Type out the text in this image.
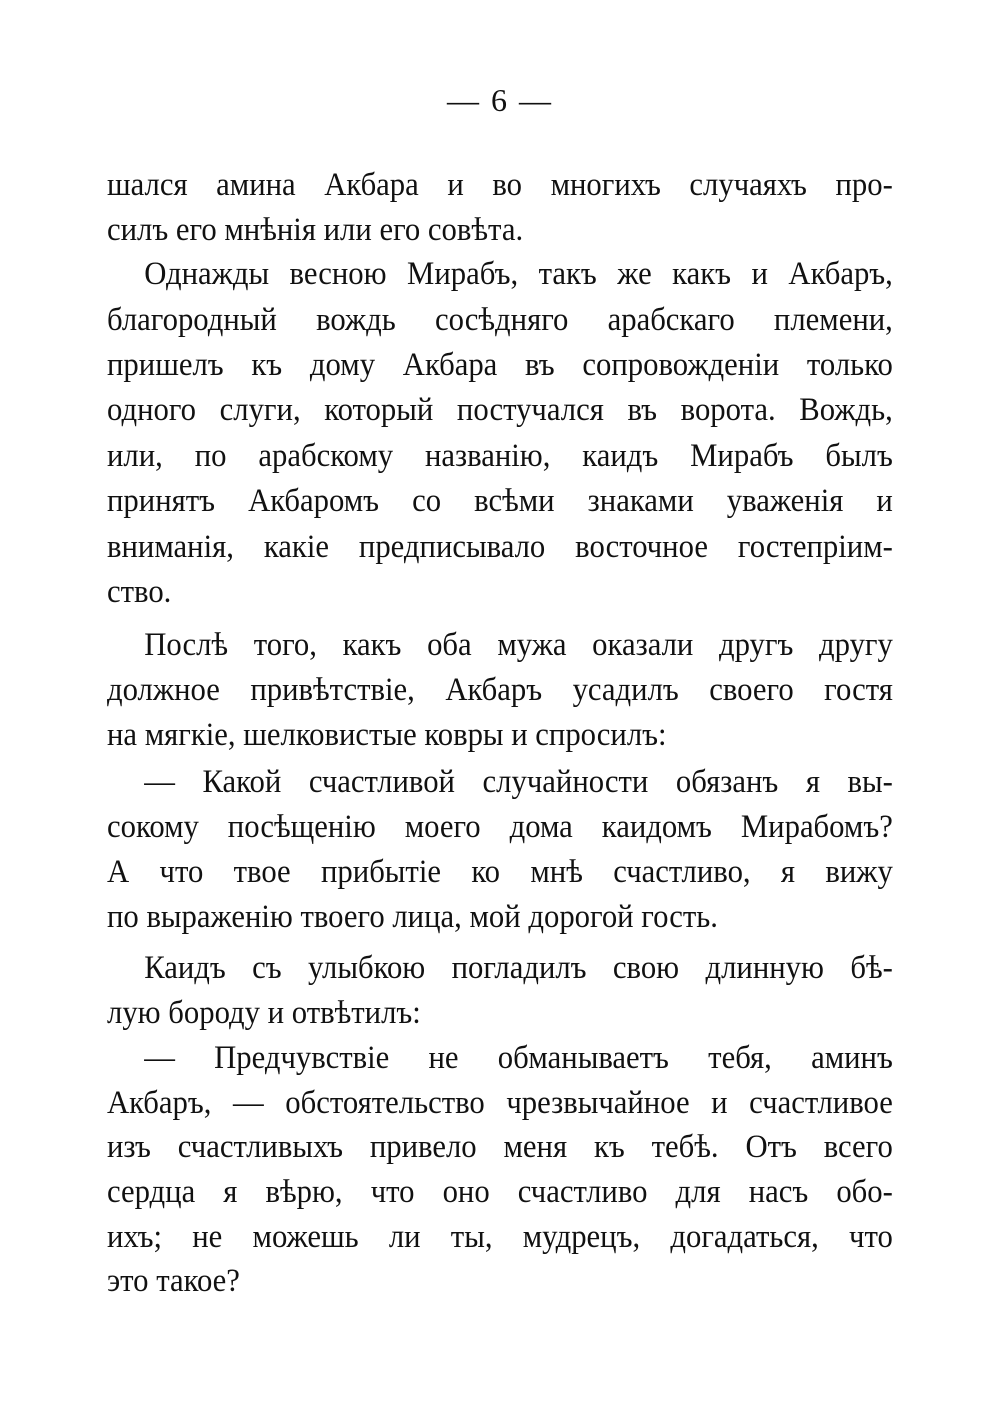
— 6 —
шался амина Акбара и во многихъ случаяхъ про-
силъ его мнѣнія или его совѣта.
Однажды весною Мирабъ, такъ же какъ и Акбаръ,
благородный вождь сосѣдняго арабскаго племени,
пришелъ къ дому Акбара въ сопровожденіи только
одного слуги, который постучался въ ворота. Вождь,
или, по арабскому названію, каидъ Мирабъ былъ
принятъ Акбаромъ со всѣми знаками уваженія и
вниманія, какіе предписывало восточное гостепріим-
ство.
Послѣ того, какъ оба мужа оказали другъ другу
должное привѣтствіе, Акбаръ усадилъ своего гостя
на мягкіе, шелковистые ковры и спросилъ:
— Какой счастливой случайности обязанъ я вы-
сокому посѣщенію моего дома каидомъ Мирабомъ?
А что твое прибытіе ко мнѣ счастливо, я вижу
по выраженію твоего лица, мой дорогой гость.
Каидъ съ улыбкою погладилъ свою длинную бѣ-
лую бороду и отвѣтилъ:
— Предчувствіе не обманываетъ тебя, аминъ
Акбаръ, — обстоятельство чрезвычайное и счастливое
изъ счастливыхъ привело меня къ тебѣ. Отъ всего
сердца я вѣрю, что оно счастливо для насъ обо-
ихъ; не можешь ли ты, мудрецъ, догадаться, что
это такое?
